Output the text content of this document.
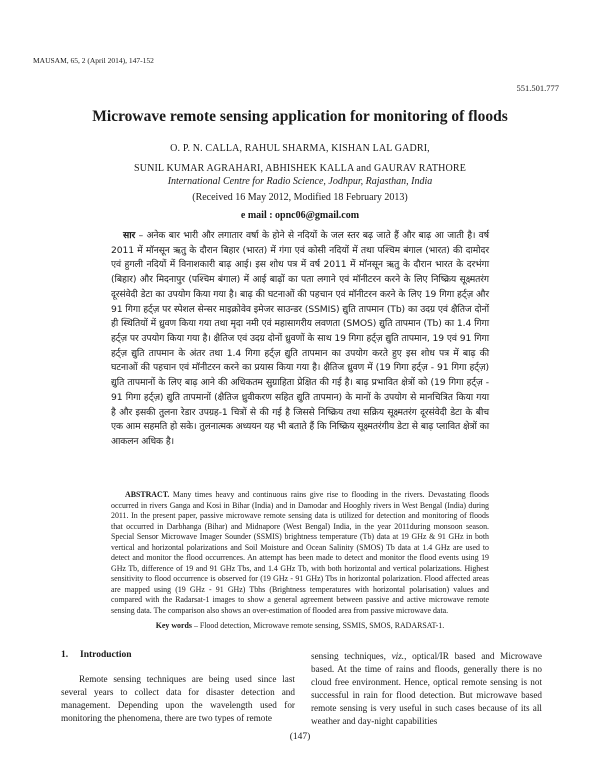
MAUSAM, 65, 2 (April 2014), 147-152
551.501.777
Microwave remote sensing application for monitoring of floods
O. P. N. CALLA, RAHUL SHARMA, KISHAN LAL GADRI,
SUNIL KUMAR AGRAHARI, ABHISHEK KALLA and GAURAV RATHORE
International Centre for Radio Science, Jodhpur, Rajasthan, India
(Received 16 May 2012, Modified 18 February 2013)
e mail : opnc06@gmail.com
सार – अनेक बार भारी और लगातार वर्षा के होने से नदियों के जल स्तर बढ़ जाते हैं और बाढ़ आ जाती है। वर्ष 2011 में मॉनसून ऋतु के दौरान बिहार (भारत) में गंगा एवं कोसी नदियों में तथा पश्चिम बंगाल (भारत) की दामोदर एवं हुगली नदियों में विनाशकारी बाढ़ आई। इस शोध पत्र में वर्ष 2011 में मॉनसून ऋतु के दौरान भारत के दरभंगा (बिहार) और मिदनापुर (पश्चिम बंगाल) में आई बाढ़ों का पता लगाने एवं मॉनीटरन करने के लिए निष्क्रिय सूक्ष्मतरंग दूरसंवेदी डेटा का उपयोग किया गया है। बाढ़ की घटनाओं की पहचान एवं मॉनीटरन करने के लिए 19 गिगा हर्ट्ज़ और 91 गिगा हर्ट्ज़ पर स्पेशल सेन्सर माइक्रोवेव इमेजर साउन्डर (SSMIS) द्युति तापमान (Tb) का उदग्र एवं क्षैतिज दोनों ही स्थितियों में ध्रुवण किया गया तथा मृदा नमी एवं महासागरीय लवणता (SMOS) द्युति तापमान (Tb) का 1.4 गिगा हर्ट्ज़ पर उपयोग किया गया है। क्षैतिज एवं उदग्र दोनों ध्रुवणों के साथ 19 गिगा हर्ट्ज़ द्युति तापमान, 19 एवं 91 गिगा हर्ट्ज़ द्युति तापमान के अंतर तथा 1.4 गिगा हर्ट्ज़ द्युति तापमान का उपयोग करते हुए इस शोध पत्र में बाढ़ की घटनाओं की पहचान एवं मॉनीटरन करने का प्रयास किया गया है। क्षैतिज ध्रुवण में (19 गिगा हर्ट्ज़ - 91 गिगा हर्ट्ज़) द्युति तापमानों के लिए बाढ़ आने की अधिकतम सुग्राहिता प्रेक्षित की गई है। बाढ़ प्रभावित क्षेत्रों को (19 गिगा हर्ट्ज़ - 91 गिगा हर्ट्ज़) द्युति तापमानों (क्षैतिज ध्रुवीकरण सहित द्युति तापमान) के मानों के उपयोग से मानचित्रित किया गया है और इसकी तुलना रेडार उपग्रह-1 चित्रों से की गई है जिससे निष्क्रिय तथा सक्रिय सूक्ष्मतरंग दूरसंवेदी डेटा के बीच एक आम सहमति हो सके। तुलनात्मक अध्ययन यह भी बताते हैं कि निष्क्रिय सूक्ष्मतरंगीय डेटा से बाढ़ प्लावित क्षेत्रों का आकलन अधिक है।
ABSTRACT. Many times heavy and continuous rains give rise to flooding in the rivers. Devastating floods occurred in rivers Ganga and Kosi in Bihar (India) and in Damodar and Hooghly rivers in West Bengal (India) during 2011. In the present paper, passive microwave remote sensing data is utilized for detection and monitoring of floods that occurred in Darbhanga (Bihar) and Midnapore (West Bengal) India, in the year 2011during monsoon season. Special Sensor Microwave Imager Sounder (SSMIS) brightness temperature (Tb) data at 19 GHz & 91 GHz in both vertical and horizontal polarizations and Soil Moisture and Ocean Salinity (SMOS) Tb data at 1.4 GHz are used to detect and monitor the flood occurrences. An attempt has been made to detect and monitor the flood events using 19 GHz Tb, difference of 19 and 91 GHz Tbs, and 1.4 GHz Tb, with both horizontal and vertical polarizations. Highest sensitivity to flood occurrence is observed for (19 GHz - 91 GHz) Tbs in horizontal polarization. Flood affected areas are mapped using (19 GHz - 91 GHz) Tbhs (Brightness temperatures with horizontal polarisation) values and compared with the Radarsat-1 images to show a general agreement between passive and active microwave remote sensing data. The comparison also shows an over-estimation of flooded area from passive microwave data.
Key words – Flood detection, Microwave remote sensing, SSMIS, SMOS, RADARSAT-1.
1. Introduction
Remote sensing techniques are being used since last several years to collect data for disaster detection and management. Depending upon the wavelength used for monitoring the phenomena, there are two types of remote
sensing techniques, viz., optical/IR based and Microwave based. At the time of rains and floods, generally there is no cloud free environment. Hence, optical remote sensing is not successful in rain for flood detection. But microwave based remote sensing is very useful in such cases because of its all weather and day-night capabilities
(147)
